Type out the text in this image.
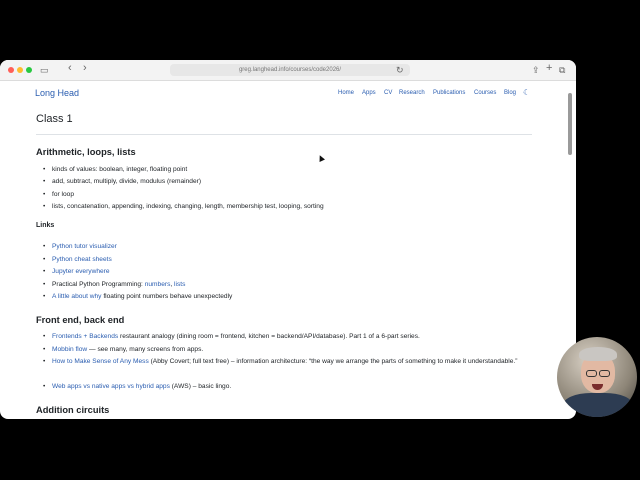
▭ ‹ ›	greg.langhead.info/courses/code2026/	↻	⇪ + ⧉
Long Head	Home Apps CV Research Publications Courses Blog ☾
Class 1
Arithmetic, loops, lists
• kinds of values: boolean, integer, floating point
• add, subtract, multiply, divide, modulus (remainder)
• for loop
• lists, concatenation, appending, indexing, changing, length, membership test, looping, sorting
Links
• Python tutor visualizer
• Python cheat sheets
• Jupyter everywhere
• Practical Python Programming: numbers, lists
• A little about why floating point numbers behave unexpectedly
Front end, back end
• Frontends + Backends restaurant analogy (dining room = frontend, kitchen = backend/API/database). Part 1 of a 6-part series.
• Mobbin flow — see many, many screens from apps.
• How to Make Sense of Any Mess (Abby Covert; full text free) – information architecture: “the way we arrange the parts of something to make it understandable.”
• Web apps vs native apps vs hybrid apps (AWS) – basic lingo.
Addition circuits
